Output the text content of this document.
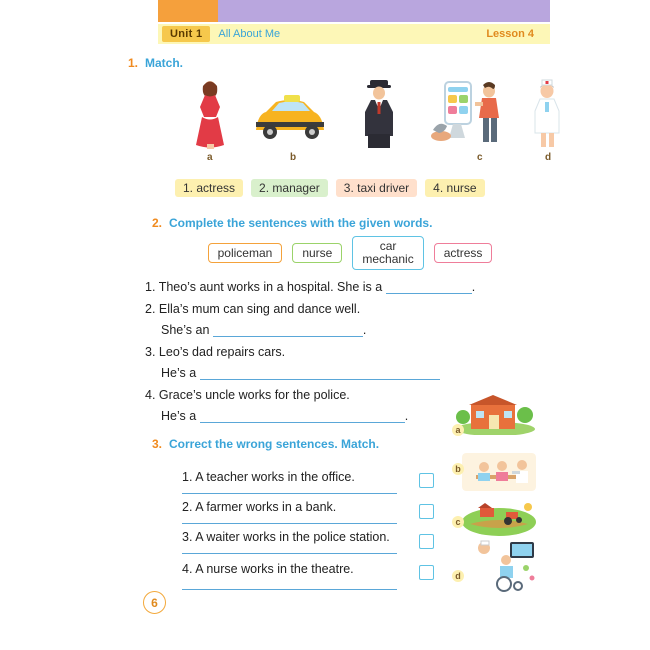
Unit 1	All About Me	Lesson 4
1. Match.
a	b	c	d
1. actress	2. manager	3. taxi driver	4. nurse
2. Complete the sentences with the given words.
policeman	nurse	car
mechanic	actress
1. Theo’s aunt works in a hospital. She is a	.
2. Ella’s mum can sing and dance well.
She’s an	.
3. Leo’s dad repairs cars.
He’s a
4. Grace’s uncle works for the police.
He’s a	.
3. Correct the wrong sentences. Match.
1. A teacher works in the office.
2. A farmer works in a bank.
3. A waiter works in the police station.
4. A nurse works in the theatre.
a
b
c
d
6
